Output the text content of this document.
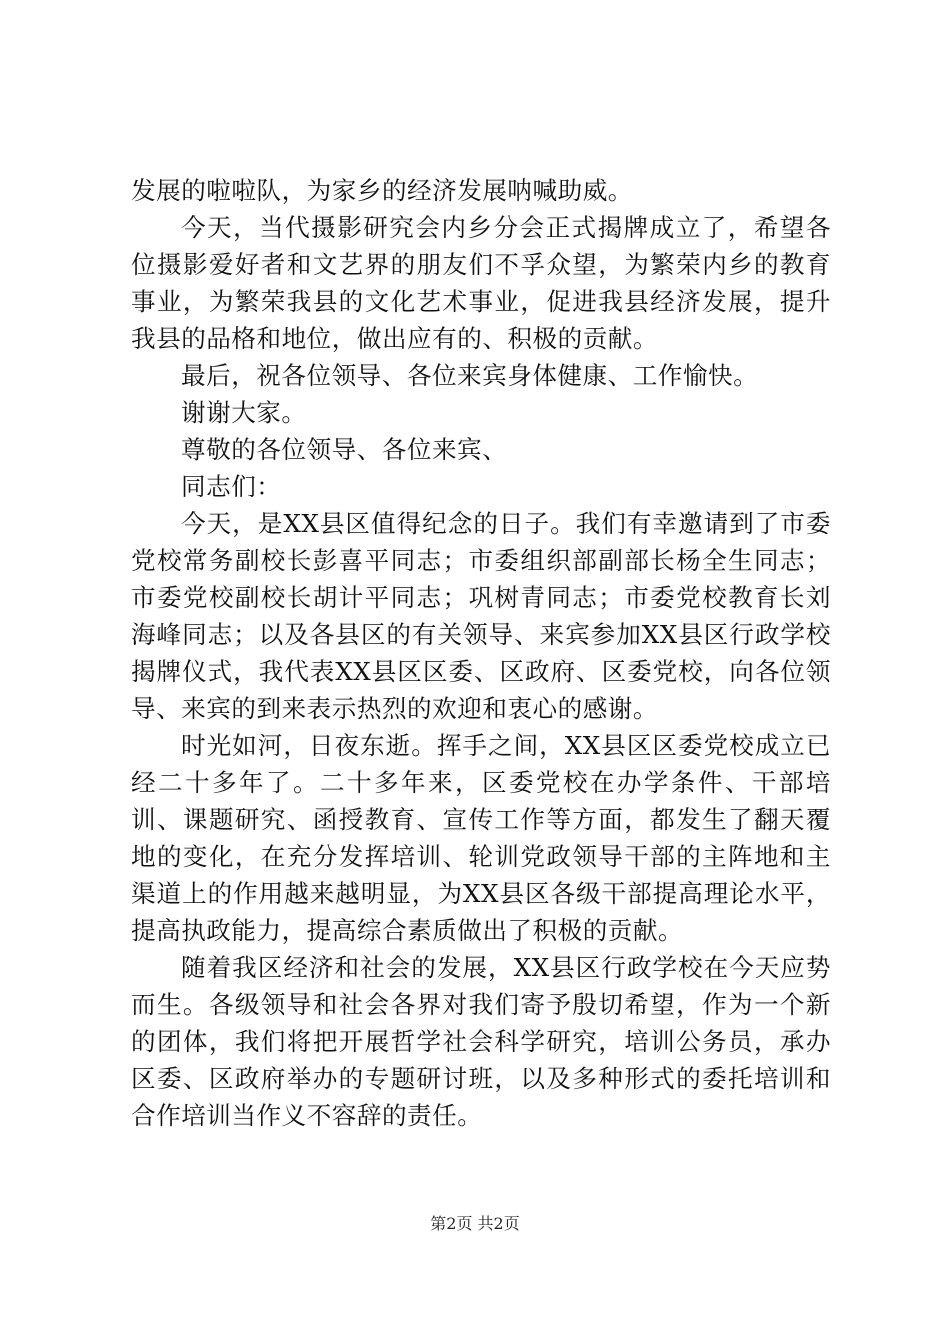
发展的啦啦队，为家乡的经济发展呐喊助威。

今天，当代摄影研究会内乡分会正式揭牌成立了，希望各位摄影爱好者和文艺界的朋友们不孚众望，为繁荣内乡的教育事业，为繁荣我县的文化艺术事业，促进我县经济发展，提升我县的品格和地位，做出应有的、积极的贡献。

最后，祝各位领导、各位来宾身体健康、工作愉快。

谢谢大家。

尊敬的各位领导、各位来宾、

同志们：

今天，是XX县区值得纪念的日子。我们有幸邀请到了市委党校常务副校长彭喜平同志；市委组织部副部长杨全生同志；市委党校副校长胡计平同志；巩树青同志；市委党校教育长刘海峰同志；以及各县区的有关领导、来宾参加XX县区行政学校揭牌仪式，我代表XX县区区委、区政府、区委党校，向各位领导、来宾的到来表示热烈的欢迎和衷心的感谢。

时光如河，日夜东逝。挥手之间，XX县区区委党校成立已经二十多年了。二十多年来，区委党校在办学条件、干部培训、课题研究、函授教育、宣传工作等方面，都发生了翻天覆地的变化，在充分发挥培训、轮训党政领导干部的主阵地和主渠道上的作用越来越明显，为XX县区各级干部提高理论水平，提高执政能力，提高综合素质做出了积极的贡献。

随着我区经济和社会的发展，XX县区行政学校在今天应势而生。各级领导和社会各界对我们寄予殷切希望，作为一个新的团体，我们将把开展哲学社会科学研究，培训公务员，承办区委、区政府举办的专题研讨班，以及多种形式的委托培训和合作培训当作义不容辞的责任。

第2页 共2页
